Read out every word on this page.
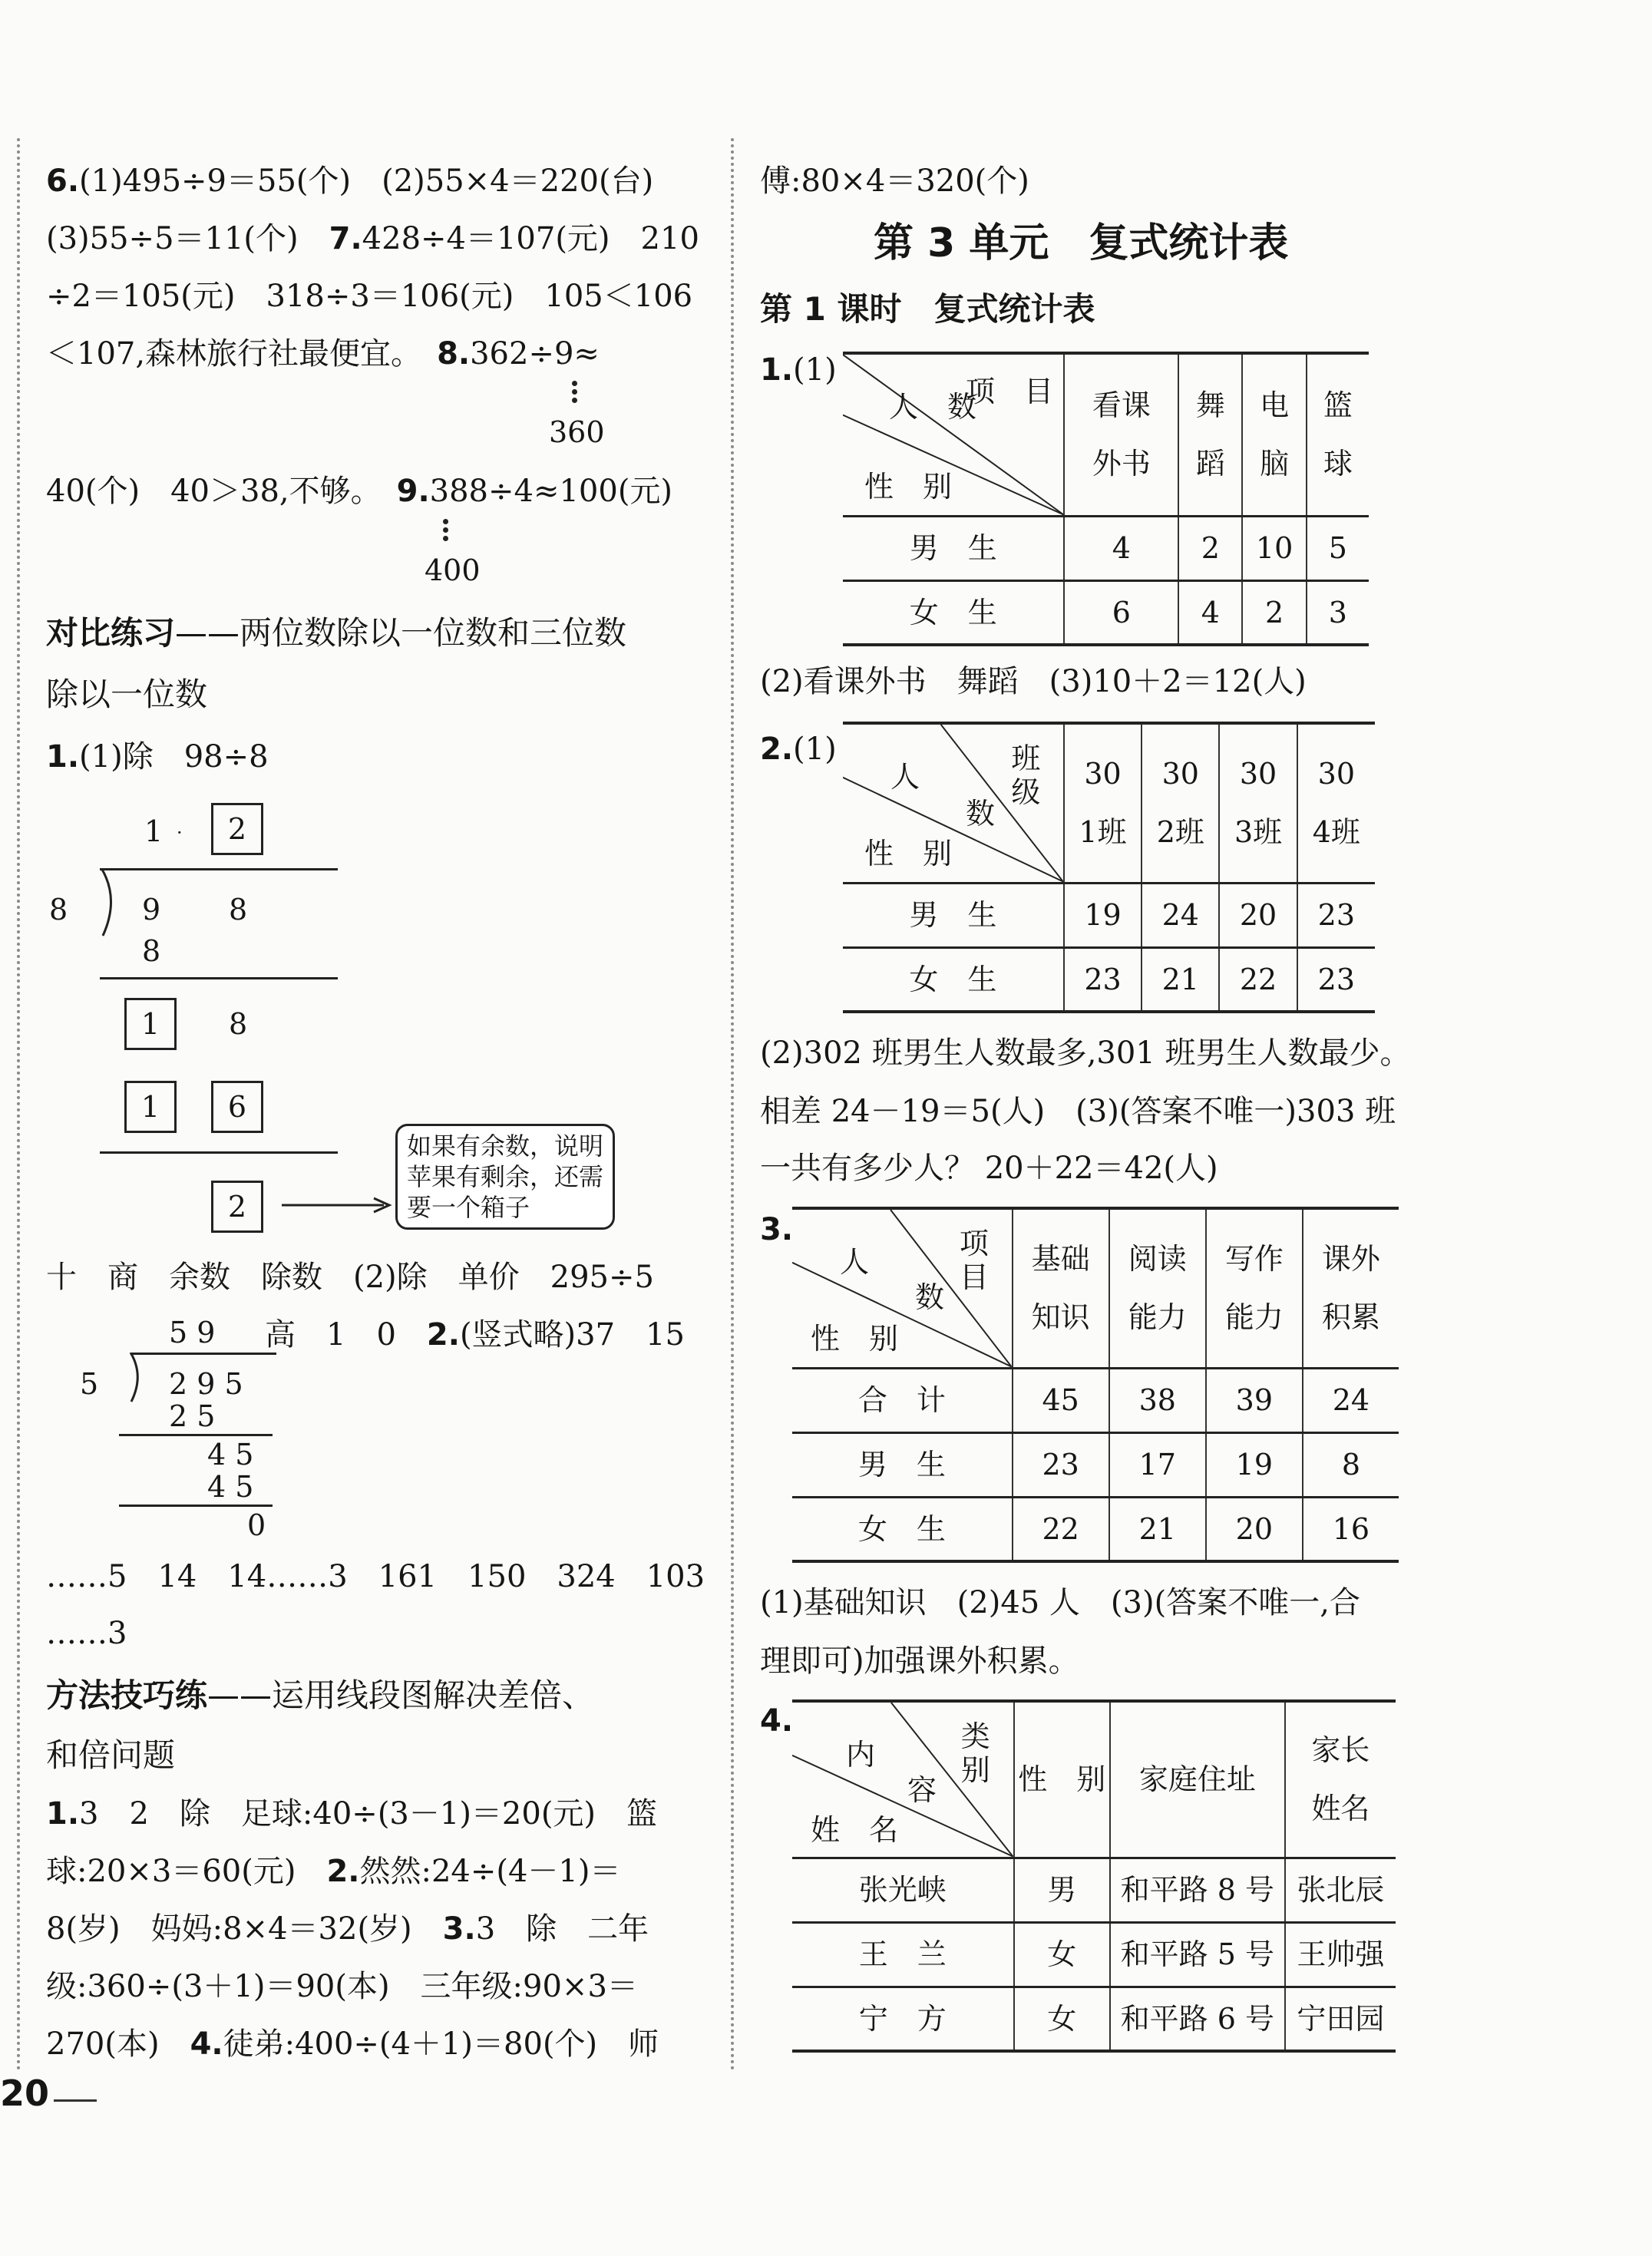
6.(1)495÷9＝55(个)　(2)55×4＝220(台)
(3)55÷5＝11(个)　 7.428÷4＝107(元)　210
÷2＝105(元)　318÷3＝106(元)　105＜106
＜107,森林旅行社最便宜。　 8.362÷9≈
360
40(个)　40＞38,不够。　 9.388÷4≈100(元)
400
对比练习——两位数除以一位数和三位数
除以一位数
1.(1)除　98÷8
1 ·	2
8	9 8
8
1	8
1	6
2
如果有余数，说明
苹果有剩余，还需
要一个箱子
十　商　余数　除数　(2)除　单价　295÷5
5 9 高　1　0　 2.(竖式略)37　15
5 2 9 5
2 5
4 5
4 5
0
……5　14　14……3　161　150　324　103
……3
方法技巧练——运用线段图解决差倍、
和倍问题
1.3　2　除　足球:40÷(3－1)＝20(元)　篮
球:20×3＝60(元)　 2.然然:24÷(4－1)＝
8(岁)　妈妈:8×4＝32(岁)　 3.3　除　二年
级:360÷(3＋1)＝90(本)　三年级:90×3＝
270(本)　 4.徒弟:400÷(4＋1)＝80(个)　师
傅:80×4＝320(个)
第 3 单元　复式统计表
第 1 课时　复式统计表
1.(1)
项　目
人　数
性　别	看课外书	舞蹈	电脑	篮球

男　生	4	2	10	5
女　生	6	4	2	3
(2)看课外书　舞蹈　(3)10＋2＝12(人)
2.(1)	班　级
人
数
性　别	301班	302班	303班	304班

男　生	19	24	20	23
女　生	23	21	22	23
(2)302 班男生人数最多,301 班男生人数最少。
相差 24－19＝5(人)　(3)(答案不唯一)303 班
一共有多少人？ 20＋22＝42(人)
3.	项　目
人
数
性　别	基础知识	阅读能力	写作能力	课外积累

合　计	45	38	39	24
男　生	23	17	19	8
女　生	22	21	20	16
(1)基础知识　(2)45 人　(3)(答案不唯一,合
理即可)加强课外积累。
4.	类　别
内
容
姓　名	性　别	家庭住址	家长姓名

张光峡	男	和平路 8 号	张北辰
王　兰	女	和平路 5 号	王帅强
宁　方	女	和平路 6 号	宁田园
20
